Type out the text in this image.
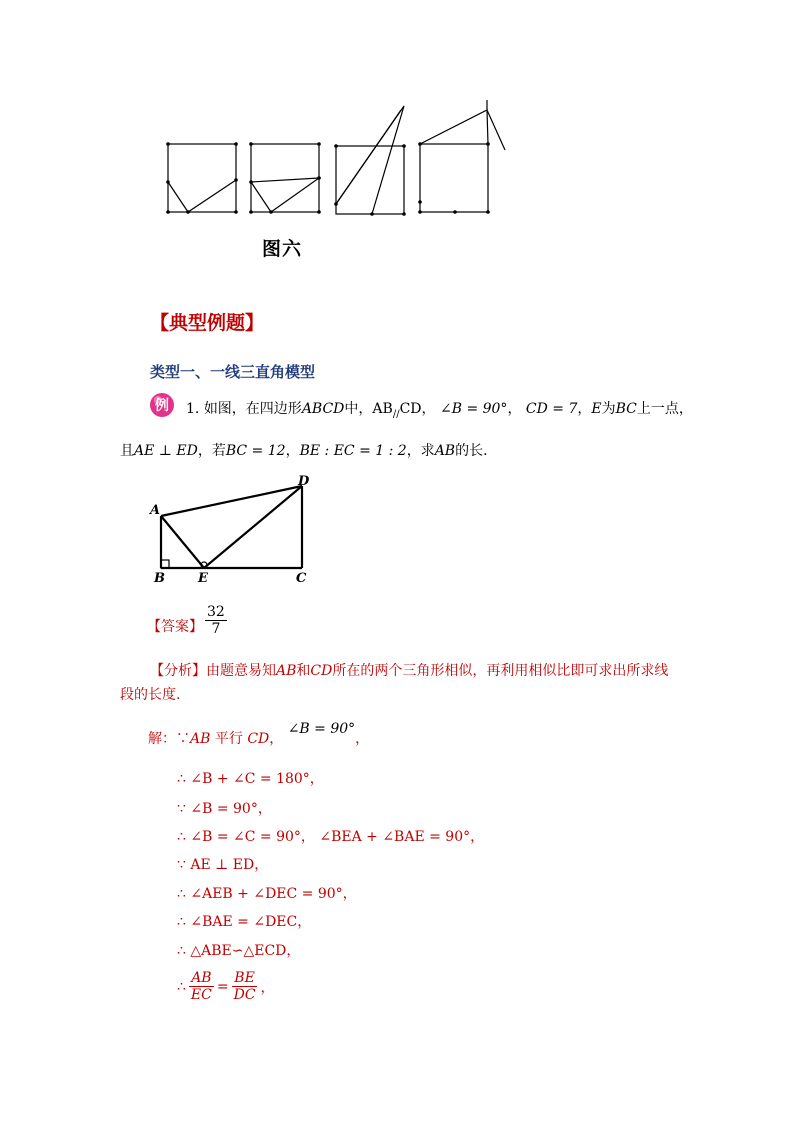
图六
【典型例题】
类型一、一线三直角模型
例 1. 如图，在四边形ABCD中，$AB_{//}CD$， ∠B = 90°， CD = 7，E为BC上一点，
且AE ⊥ ED，若BC = 12，BE : EC = 1 : 2，求AB的长.
A
B	E	C
D
【答案】 $\frac{32}{7}$
【分析】由题意易知AB和CD所在的两个三角形相似，再利用相似比即可求出所求线
段的长度.
解：∵AB 平行 CD， ∠B = 90°，
∴ ∠B + ∠C = 180°，
∵ ∠B = 90°，
∴ ∠B = ∠C = 90°， ∠BEA + ∠BAE = 90°，
∵ AE ⊥ ED，
∴ ∠AEB + ∠DEC = 90°，
∴ ∠BAE = ∠DEC，
∴ △ABE∽△ECD，
∴ $\frac{AB}{EC} = \frac{BE}{DC}$ ，
